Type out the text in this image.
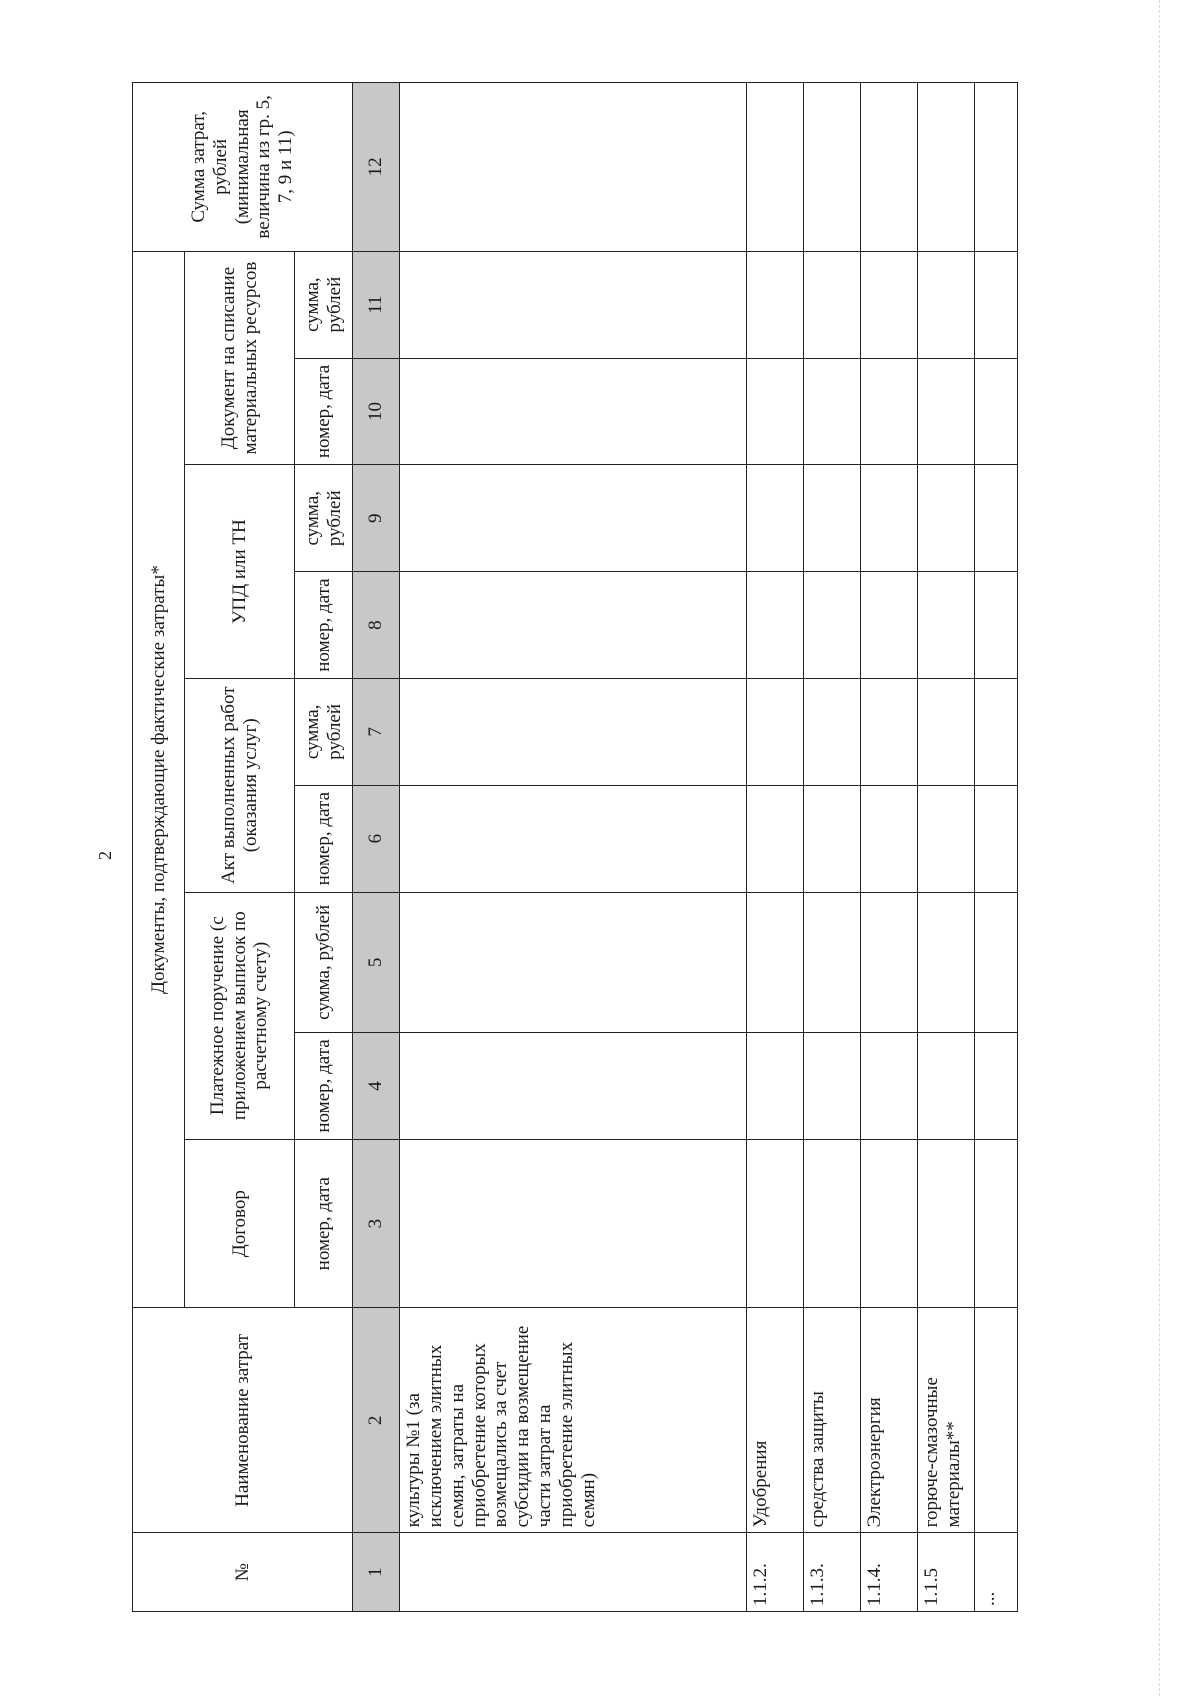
2
№	Наименование затрат	Документы, подтверждающие фактические затраты*									Сумма затрат, рублей (минимальная величина из гр. 5, 7, 9 и 11)
		Договор	Платежное поручение (с приложением выписок по расчетному счету)		Акт выполненных работ (оказания услуг)		УПД или ТН		Документ на списание материальных ресурсов		
		номер, дата	номер, дата	сумма, рублей	номер, дата	сумма, рублей	номер, дата	сумма, рублей	номер, дата	сумма, рублей	
1	2	3	4	5	6	7	8	9	10	11	12
	культуры №1 (за исключением элитных семян, затраты на приобретение которых возмещались за счет субсидии на возмещение части затрат на приобретение элитных семян)										
1.1.2.	Удобрения										
1.1.3.	средства защиты										
1.1.4.	Электроэнергия										
1.1.5	горюче-смазочные материалы**										
...											
